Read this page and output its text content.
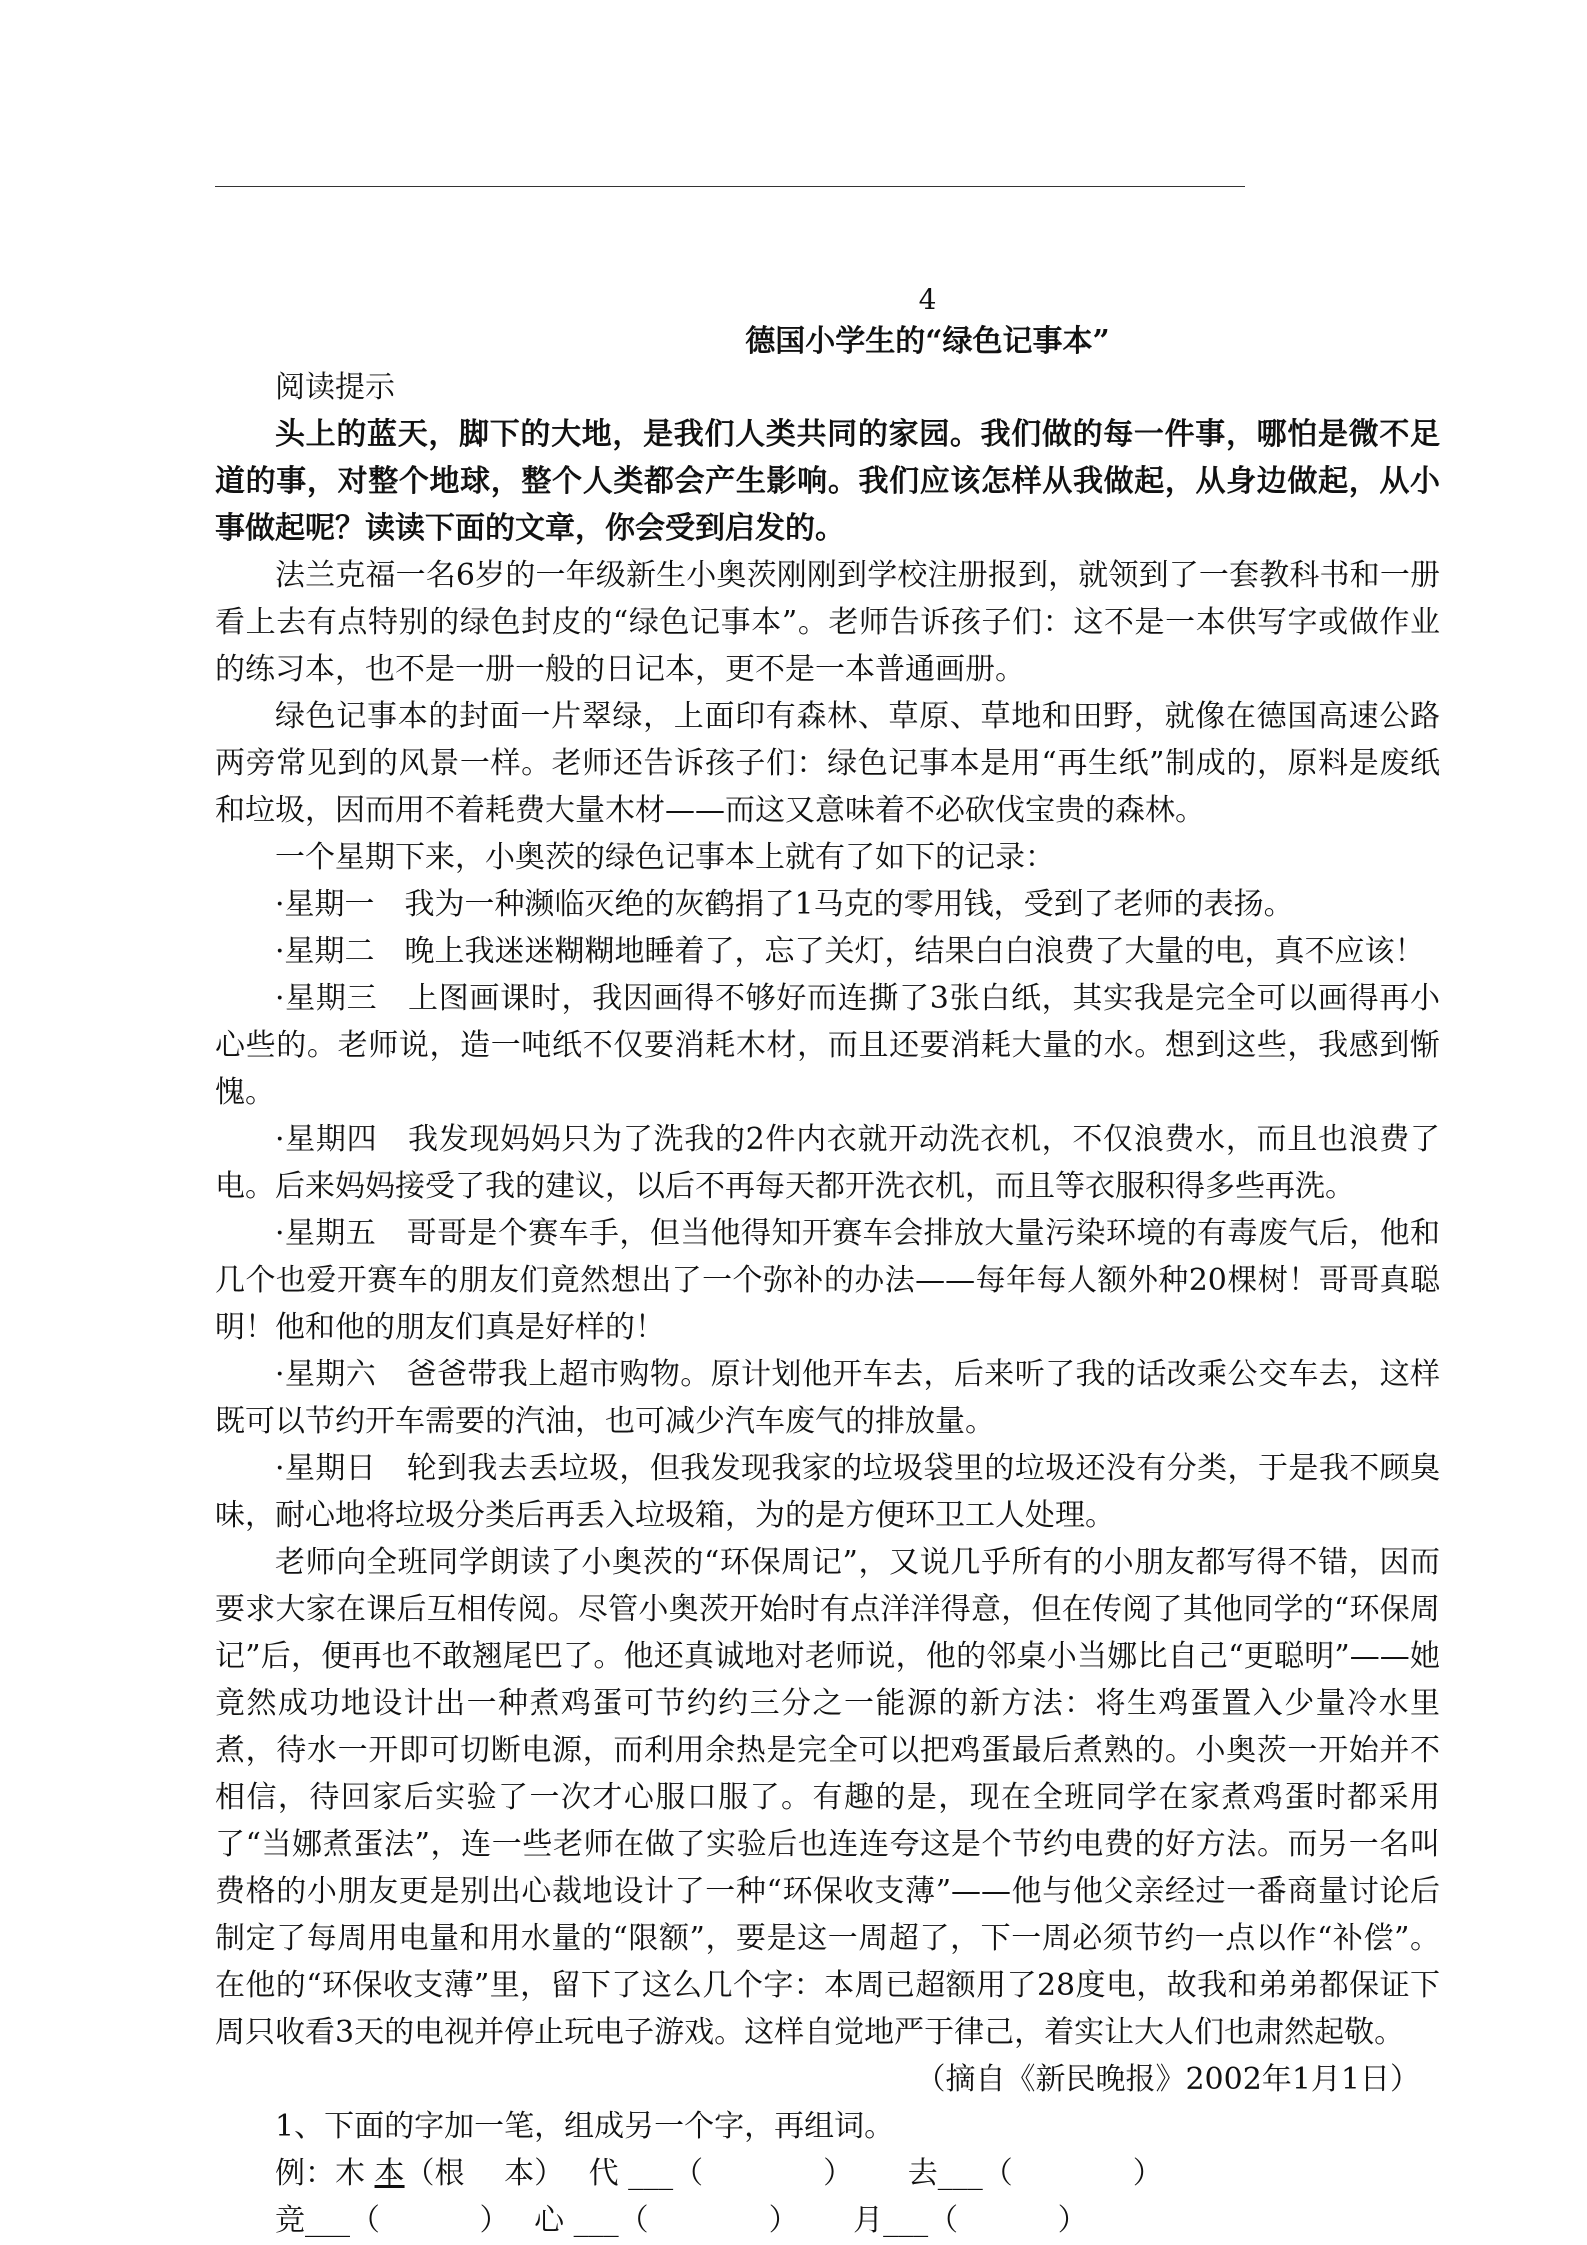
4
德国小学生的“绿色记事本”
阅读提示

头上的蓝天，脚下的大地，是我们人类共同的家园。我们做的每一件事，哪怕是微不足道的事，对整个地球，整个人类都会产生影响。我们应该怎样从我做起，从身边做起，从小事做起呢？读读下面的文章，你会受到启发的。

法兰克福一名6岁的一年级新生小奥茨刚刚到学校注册报到，就领到了一套教科书和一册看上去有点特别的绿色封皮的“绿色记事本”。老师告诉孩子们：这不是一本供写字或做作业的练习本，也不是一册一般的日记本，更不是一本普通画册。

绿色记事本的封面一片翠绿，上面印有森林、草原、草地和田野，就像在德国高速公路两旁常见到的风景一样。老师还告诉孩子们：绿色记事本是用“再生纸”制成的，原料是废纸和垃圾，因而用不着耗费大量木材——而这又意味着不必砍伐宝贵的森林。

一个星期下来，小奥茨的绿色记事本上就有了如下的记录：

·星期一　我为一种濒临灭绝的灰鹤捐了1马克的零用钱，受到了老师的表扬。

·星期二　晚上我迷迷糊糊地睡着了，忘了关灯，结果白白浪费了大量的电，真不应该！

·星期三　上图画课时，我因画得不够好而连撕了3张白纸，其实我是完全可以画得再小心些的。老师说，造一吨纸不仅要消耗木材，而且还要消耗大量的水。想到这些，我感到惭愧。

·星期四　我发现妈妈只为了洗我的2件内衣就开动洗衣机，不仅浪费水，而且也浪费了电。后来妈妈接受了我的建议，以后不再每天都开洗衣机，而且等衣服积得多些再洗。

·星期五　哥哥是个赛车手，但当他得知开赛车会排放大量污染环境的有毒废气后，他和几个也爱开赛车的朋友们竟然想出了一个弥补的办法——每年每人额外种20棵树！哥哥真聪明！他和他的朋友们真是好样的！

·星期六　爸爸带我上超市购物。原计划他开车去，后来听了我的话改乘公交车去，这样既可以节约开车需要的汽油，也可减少汽车废气的排放量。

·星期日　轮到我去丢垃圾，但我发现我家的垃圾袋里的垃圾还没有分类，于是我不顾臭味，耐心地将垃圾分类后再丢入垃圾箱，为的是方便环卫工人处理。

老师向全班同学朗读了小奥茨的“环保周记”，又说几乎所有的小朋友都写得不错，因而要求大家在课后互相传阅。尽管小奥茨开始时有点洋洋得意，但在传阅了其他同学的“环保周记”后，便再也不敢翘尾巴了。他还真诚地对老师说，他的邻桌小当娜比自己“更聪明”——她竟然成功地设计出一种煮鸡蛋可节约约三分之一能源的新方法：将生鸡蛋置入少量冷水里煮，待水一开即可切断电源，而利用余热是完全可以把鸡蛋最后煮熟的。小奥茨一开始并不相信，待回家后实验了一次才心服口服了。有趣的是，现在全班同学在家煮鸡蛋时都采用了“当娜煮蛋法”，连一些老师在做了实验后也连连夸这是个节约电费的好方法。而另一名叫费格的小朋友更是别出心裁地设计了一种“环保收支薄”——他与他父亲经过一番商量讨论后制定了每周用电量和用水量的“限额”，要是这一周超了，下一周必须节约一点以作“补偿”。在他的“环保收支薄”里，留下了这么几个字：本周已超额用了28度电，故我和弟弟都保证下周只收看3天的电视并停止玩电子游戏。这样自觉地严于律己，着实让大人们也肃然起敬。

（摘自《新民晚报》2002年1月1日）
1、下面的字加一笔，组成另一个字，再组词。
例：木 本（根　 本）　 代 ___（　　　　）　　 去___（　　　　）
竞___（　　　 ）　 心 ___（　　　　）　　 月___（　　　 ）
